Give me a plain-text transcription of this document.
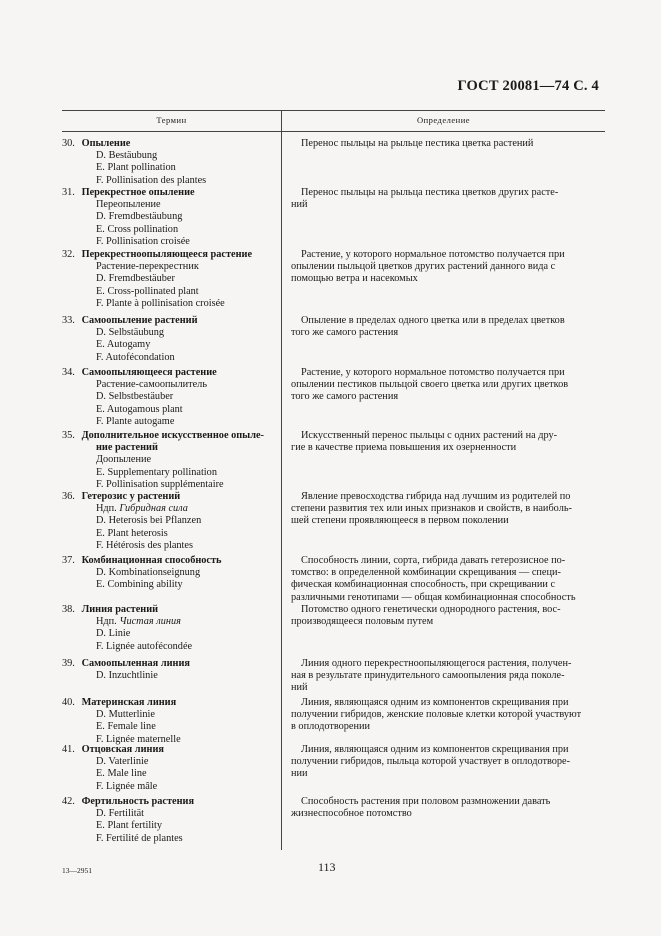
ГОСТ 20081—74 С. 4
Термин	Определение
30. Опыление
D. Bestäubung
E. Plant pollination
F. Pollinisation des plantes
Перенос пыльцы на рыльце пестика цветка растений
31. Перекрестное опыление
Переопыление
D. Fremdbestäubung
E. Cross pollination
F. Pollinisation croisée
Перенос пыльцы на рыльца пестика цветков других расте-
ний
32. Перекрестноопыляющееся растение
Растение-перекрестник
D. Fremdbestäuber
E. Cross-pollinated plant
F. Plante à pollinisation croisée
Растение, у которого нормальное потомство получается при
опылении пыльцой цветков других растений данного вида с
помощью ветра и насекомых
33. Самоопыление растений
D. Selbstäubung
E. Autogamy
F. Autofécondation
Опыление в пределах одного цветка или в пределах цветков
того же самого растения
34. Самоопыляющееся растение
Растение-самоопылитель
D. Selbstbestäuber
E. Autogamous plant
F. Plante autogame
Растение, у которого нормальное потомство получается при
опылении пестиков пыльцой своего цветка или других цветков
того же самого растения
35. Дополнительное искусственное опыле-
ние растений
Доопыление
E. Supplementary pollination
F. Pollinisation supplémentaire
Искусственный перенос пыльцы с одних растений на дру-
гие в качестве приема повышения их озерненности
36. Гетерозис у растений
Ндп. Гибридная сила
D. Heterosis bei Pflanzen
E. Plant heterosis
F. Hétérosis des plantes
Явление превосходства гибрида над лучшим из родителей по
степени развития тех или иных признаков и свойств, в наиболь-
шей степени проявляющееся в первом поколении
37. Комбинационная способность
D. Kombinationseignung
E. Combining ability
Способность линии, сорта, гибрида давать гетерозисное по-
томство: в определенной комбинации скрещивания — специ-
фическая комбинационная способность, при скрещивании с
различными генотипами — общая комбинационная способность
38. Линия растений
Ндп. Чистая линия
D. Linie
F. Lignée autofécondée
Потомство одного генетически однородного растения, вос-
производящееся половым путем
39. Самоопыленная линия
D. Inzuchtlinie
Линия одного перекрестноопыляющегося растения, получен-
ная в результате принудительного самоопыления ряда поколе-
ний
40. Материнская линия
D. Mutterlinie
E. Female line
F. Lignée maternelle
Линия, являющаяся одним из компонентов скрещивания при
получении гибридов, женские половые клетки которой участвуют
в оплодотворении
41. Отцовская линия
D. Vaterlinie
E. Male line
F. Lignée mâle
Линия, являющаяся одним из компонентов скрещивания при
получении гибридов, пыльца которой участвует в оплодотворе-
нии
42. Фертильность растения
D. Fertilität
E. Plant fertility
F. Fertilité de plantes
Способность растения при половом размножении давать
жизнеспособное потомство
13—2951	113
